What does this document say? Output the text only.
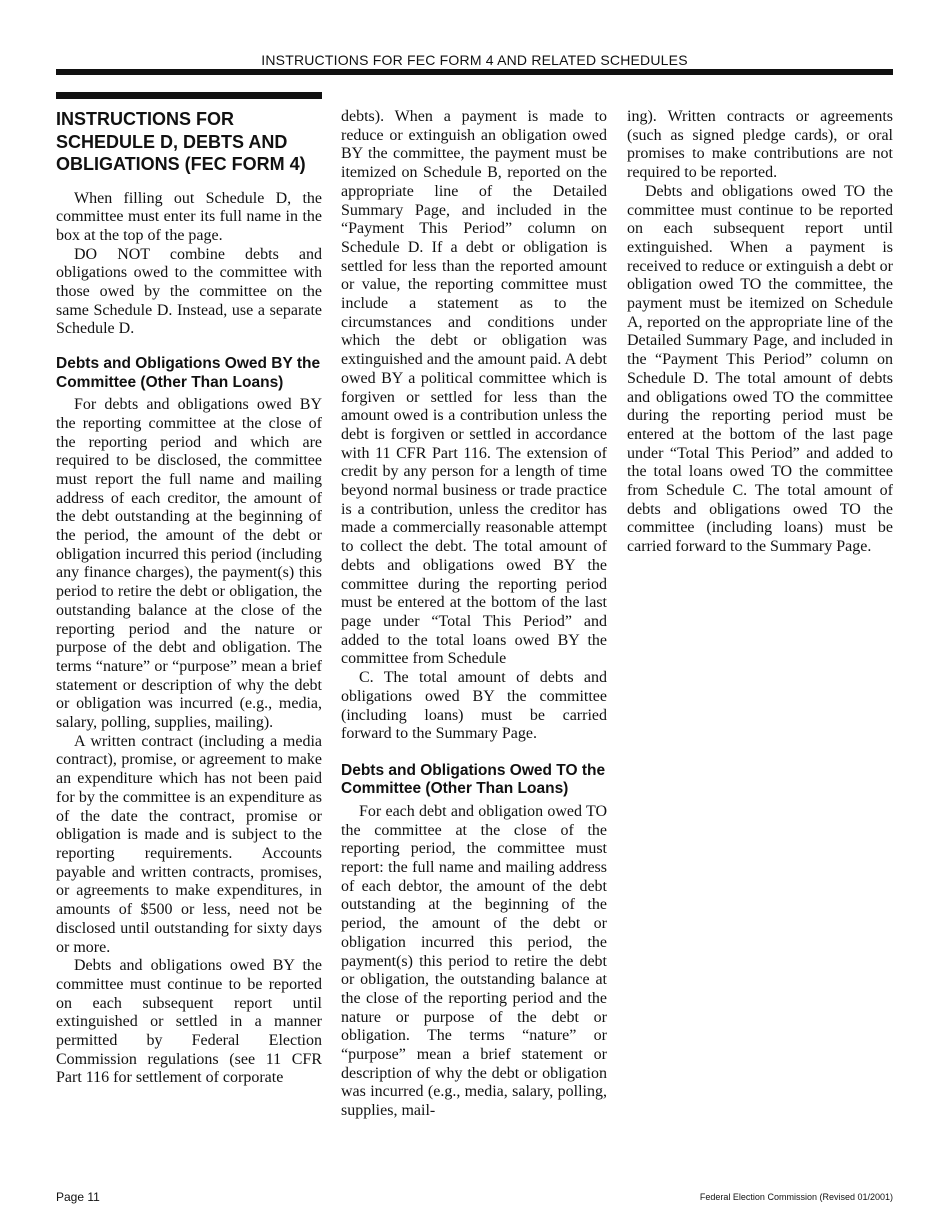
INSTRUCTIONS FOR FEC FORM 4 AND RELATED SCHEDULES
INSTRUCTIONS FOR SCHEDULE D, DEBTS AND OBLIGATIONS (FEC FORM 4)

When filling out Schedule D, the committee must enter its full name in the box at the top of the page.

DO NOT combine debts and obligations owed to the committee with those owed by the committee on the same Schedule D. Instead, use a separate Schedule D.

Debts and Obligations Owed BY the Committee (Other Than Loans)

For debts and obligations owed BY the reporting committee at the close of the reporting period and which are required to be disclosed, the committee must report the full name and mailing address of each creditor, the amount of the debt outstanding at the beginning of the period, the amount of the debt or obligation incurred this period (including any finance charges), the payment(s) this period to retire the debt or obligation, the outstanding balance at the close of the reporting period and the nature or purpose of the debt and obligation. The terms “nature” or “purpose” mean a brief statement or description of why the debt or obligation was incurred (e.g., media, salary, polling, supplies, mailing).

A written contract (including a media contract), promise, or agreement to make an expenditure which has not been paid for by the committee is an expenditure as of the date the contract, promise or obligation is made and is subject to the reporting requirements. Accounts payable and written contracts, promises, or agreements to make expenditures, in amounts of $500 or less, need not be disclosed until outstanding for sixty days or more.

Debts and obligations owed BY the committee must continue to be reported on each subsequent report until extinguished or settled in a manner permitted by Federal Election Commission regulations (see 11 CFR Part 116 for settlement of corporate

debts). When a payment is made to reduce or extinguish an obligation owed BY the committee, the payment must be itemized on Schedule B, reported on the appropriate line of the Detailed Summary Page, and included in the “Payment This Period” column on Schedule D. If a debt or obligation is settled for less than the reported amount or value, the reporting committee must include a statement as to the circumstances and conditions under which the debt or obligation was extinguished and the amount paid. A debt owed BY a political committee which is forgiven or settled for less than the amount owed is a contribution unless the debt is forgiven or settled in accordance with 11 CFR Part 116. The extension of credit by any person for a length of time beyond normal business or trade practice is a contribution, unless the creditor has made a commercially reasonable attempt to collect the debt. The total amount of debts and obligations owed BY the committee during the reporting period must be entered at the bottom of the last page under “Total This Period” and added to the total loans owed BY the committee from Schedule

C. The total amount of debts and obligations owed BY the committee (including loans) must be carried forward to the Summary Page.

Debts and Obligations Owed TO the Committee (Other Than Loans)

For each debt and obligation owed TO the committee at the close of the reporting period, the committee must report: the full name and mailing address of each debtor, the amount of the debt outstanding at the beginning of the period, the amount of the debt or obligation incurred this period, the payment(s) this period to retire the debt or obligation, the outstanding balance at the close of the reporting period and the nature or purpose of the debt or obligation. The terms “nature” or “purpose” mean a brief statement or description of why the debt or obligation was incurred (e.g., media, salary, polling, supplies, mail-

ing). Written contracts or agreements (such as signed pledge cards), or oral promises to make contributions are not required to be reported.

Debts and obligations owed TO the committee must continue to be reported on each subsequent report until extinguished. When a payment is received to reduce or extinguish a debt or obligation owed TO the committee, the payment must be itemized on Schedule A, reported on the appropriate line of the Detailed Summary Page, and included in the “Payment This Period” column on Schedule D. The total amount of debts and obligations owed TO the committee during the reporting period must be entered at the bottom of the last page under “Total This Period” and added to the total loans owed TO the committee from Schedule C. The total amount of debts and obligations owed TO the committee (including loans) must be carried forward to the Summary Page.

Page 11	Federal Election Commission (Revised 01/2001)
